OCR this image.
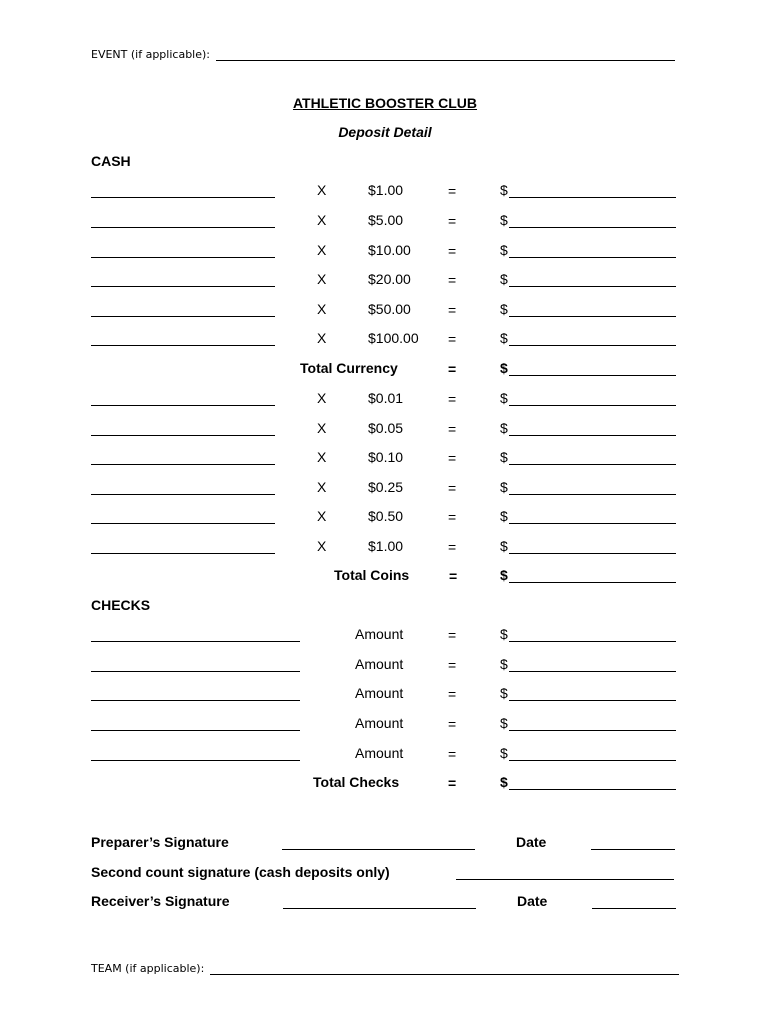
EVENT (if applicable):
ATHLETIC BOOSTER CLUB
Deposit Detail
CASH
X	$1.00	=	$
X	$5.00	=	$
X	$10.00	=	$
X	$20.00	=	$
X	$50.00	=	$
X	$100.00 =	$
Total Currency	=	$
X	$0.01	=	$
X	$0.05	=	$
X	$0.10	=	$
X	$0.25	=	$
X	$0.50	=	$
X	$1.00	=	$
Total Coins	=	$
CHECKS
Amount	=	$
Amount	=	$
Amount	=	$
Amount	=	$
Amount	=	$
Total Checks	=	$
Preparer’s Signature	Date
Second count signature (cash deposits only)
Receiver’s Signature	Date
TEAM (if applicable):
